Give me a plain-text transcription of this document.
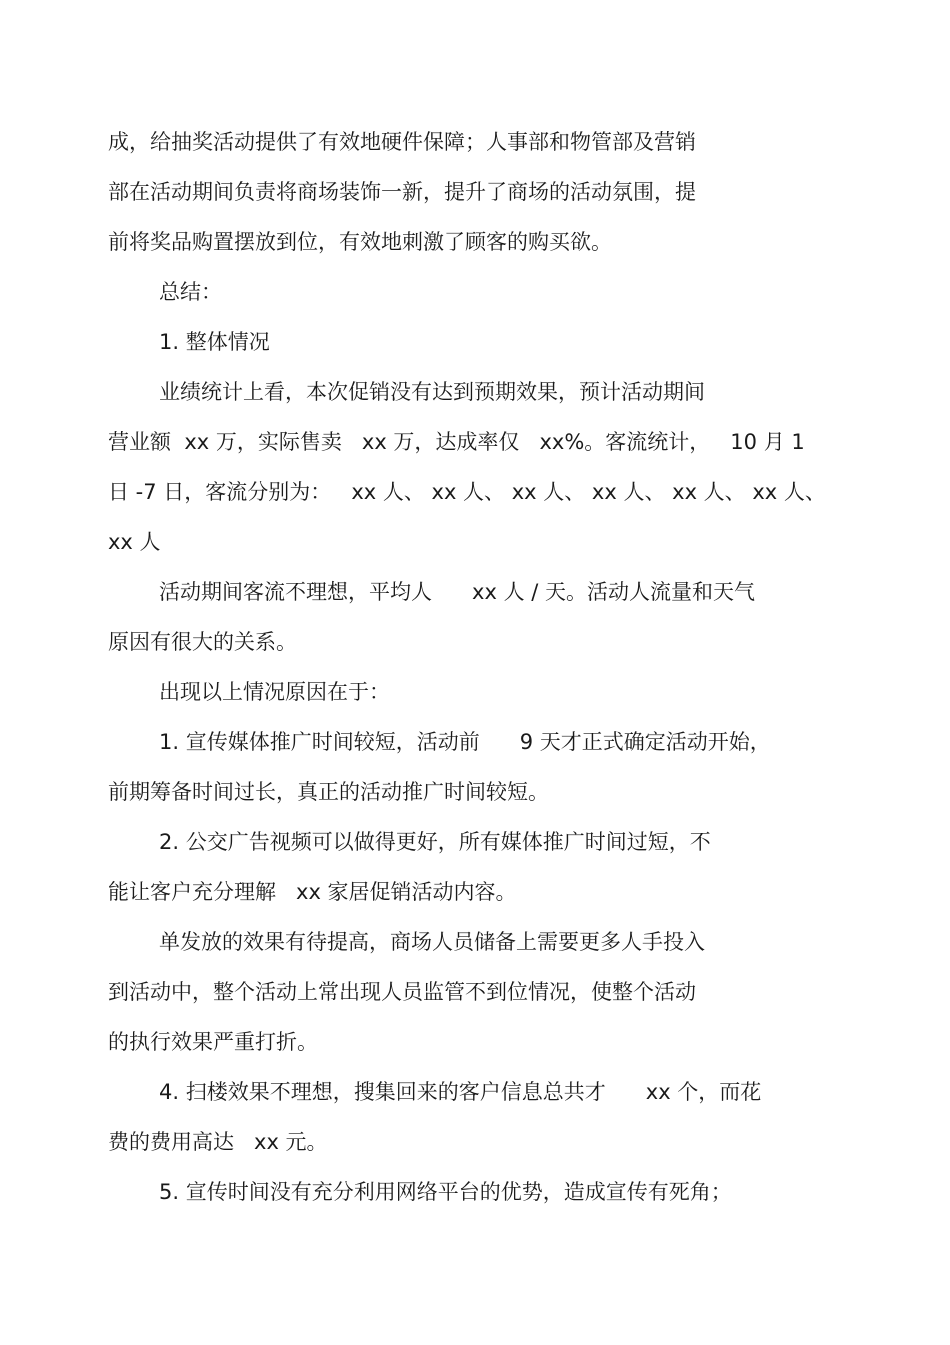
成，给抽奖活动提供了有效地硬件保障；人事部和物管部及营销
部在活动期间负责将商场装饰一新，提升了商场的活动氛围，提
前将奖品购置摆放到位，有效地刺激了顾客的购买欲。
总结：
1. 整体情况
业绩统计上看，本次促销没有达到预期效果，预计活动期间
营业额  xx 万，实际售卖   xx 万，达成率仅   xx%。客流统计，   10 月 1
日 -7 日，客流分别为：   xx 人、 xx 人、 xx 人、 xx 人、 xx 人、 xx 人、
xx 人
活动期间客流不理想，平均人      xx 人 / 天。活动人流量和天气
原因有很大的关系。
出现以上情况原因在于：
1. 宣传媒体推广时间较短，活动前      9 天才正式确定活动开始，
前期筹备时间过长，真正的活动推广时间较短。
2. 公交广告视频可以做得更好，所有媒体推广时间过短，不
能让客户充分理解   xx 家居促销活动内容。
单发放的效果有待提高，商场人员储备上需要更多人手投入
到活动中，整个活动上常出现人员监管不到位情况，使整个活动
的执行效果严重打折。
4. 扫楼效果不理想，搜集回来的客户信息总共才      xx 个，而花
费的费用高达   xx 元。
5. 宣传时间没有充分利用网络平台的优势，造成宣传有死角；
